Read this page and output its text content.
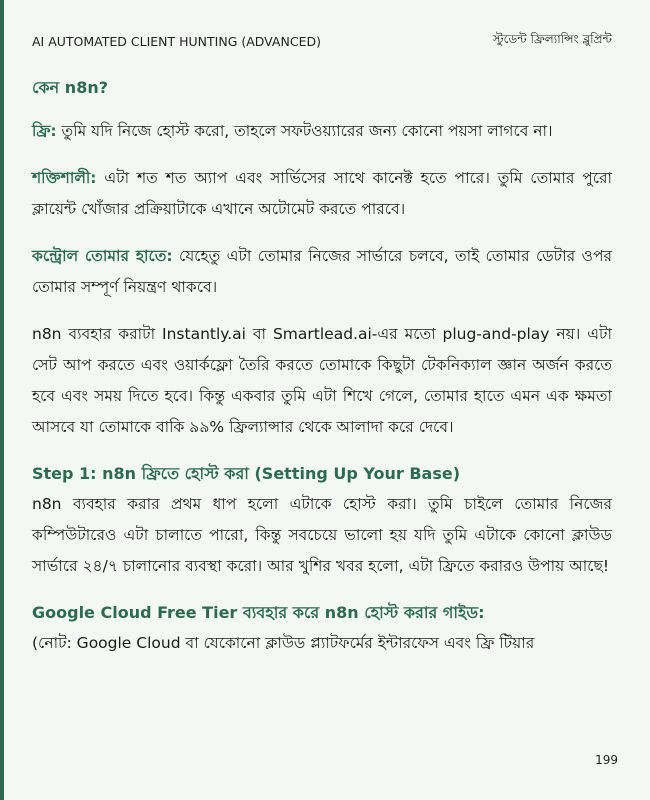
AI AUTOMATED CLIENT HUNTING (ADVANCED)	স্টুডেন্ট ফ্রিল্যান্সিং ব্লুপ্রিন্ট

কেন n8n?

ফ্রি: তুমি যদি নিজে হোস্ট করো, তাহলে সফটওয়্যারের জন্য কোনো পয়সা লাগবে না।

শক্তিশালী: এটা শত শত অ্যাপ এবং সার্ভিসের সাথে কানেক্ট হতে পারে। তুমি তোমার পুরো ক্লায়েন্ট খোঁজার প্রক্রিয়াটাকে এখানে অটোমেট করতে পারবে।

কন্ট্রোল তোমার হাতে: যেহেতু এটা তোমার নিজের সার্ভারে চলবে, তাই তোমার ডেটার ওপর তোমার সম্পূর্ণ নিয়ন্ত্রণ থাকবে।

n8n ব্যবহার করাটা Instantly.ai বা Smartlead.ai-এর মতো plug-and-play নয়। এটা সেট আপ করতে এবং ওয়ার্কফ্লো তৈরি করতে তোমাকে কিছুটা টেকনিক্যাল জ্ঞান অর্জন করতে হবে এবং সময় দিতে হবে। কিন্তু একবার তুমি এটা শিখে গেলে, তোমার হাতে এমন এক ক্ষমতা আসবে যা তোমাকে বাকি ৯৯% ফ্রিল্যান্সার থেকে আলাদা করে দেবে।

Step 1: n8n ফ্রিতে হোস্ট করা (Setting Up Your Base)

n8n ব্যবহার করার প্রথম ধাপ হলো এটাকে হোস্ট করা। তুমি চাইলে তোমার নিজের কম্পিউটারেও এটা চালাতে পারো, কিন্তু সবচেয়ে ভালো হয় যদি তুমি এটাকে কোনো ক্লাউড সার্ভারে ২৪/৭ চালানোর ব্যবস্থা করো। আর খুশির খবর হলো, এটা ফ্রিতে করারও উপায় আছে!

Google Cloud Free Tier ব্যবহার করে n8n হোস্ট করার গাইড:

(নোট: Google Cloud বা যেকোনো ক্লাউড প্ল্যাটফর্মের ইন্টারফেস এবং ফ্রি টিয়ার

199
